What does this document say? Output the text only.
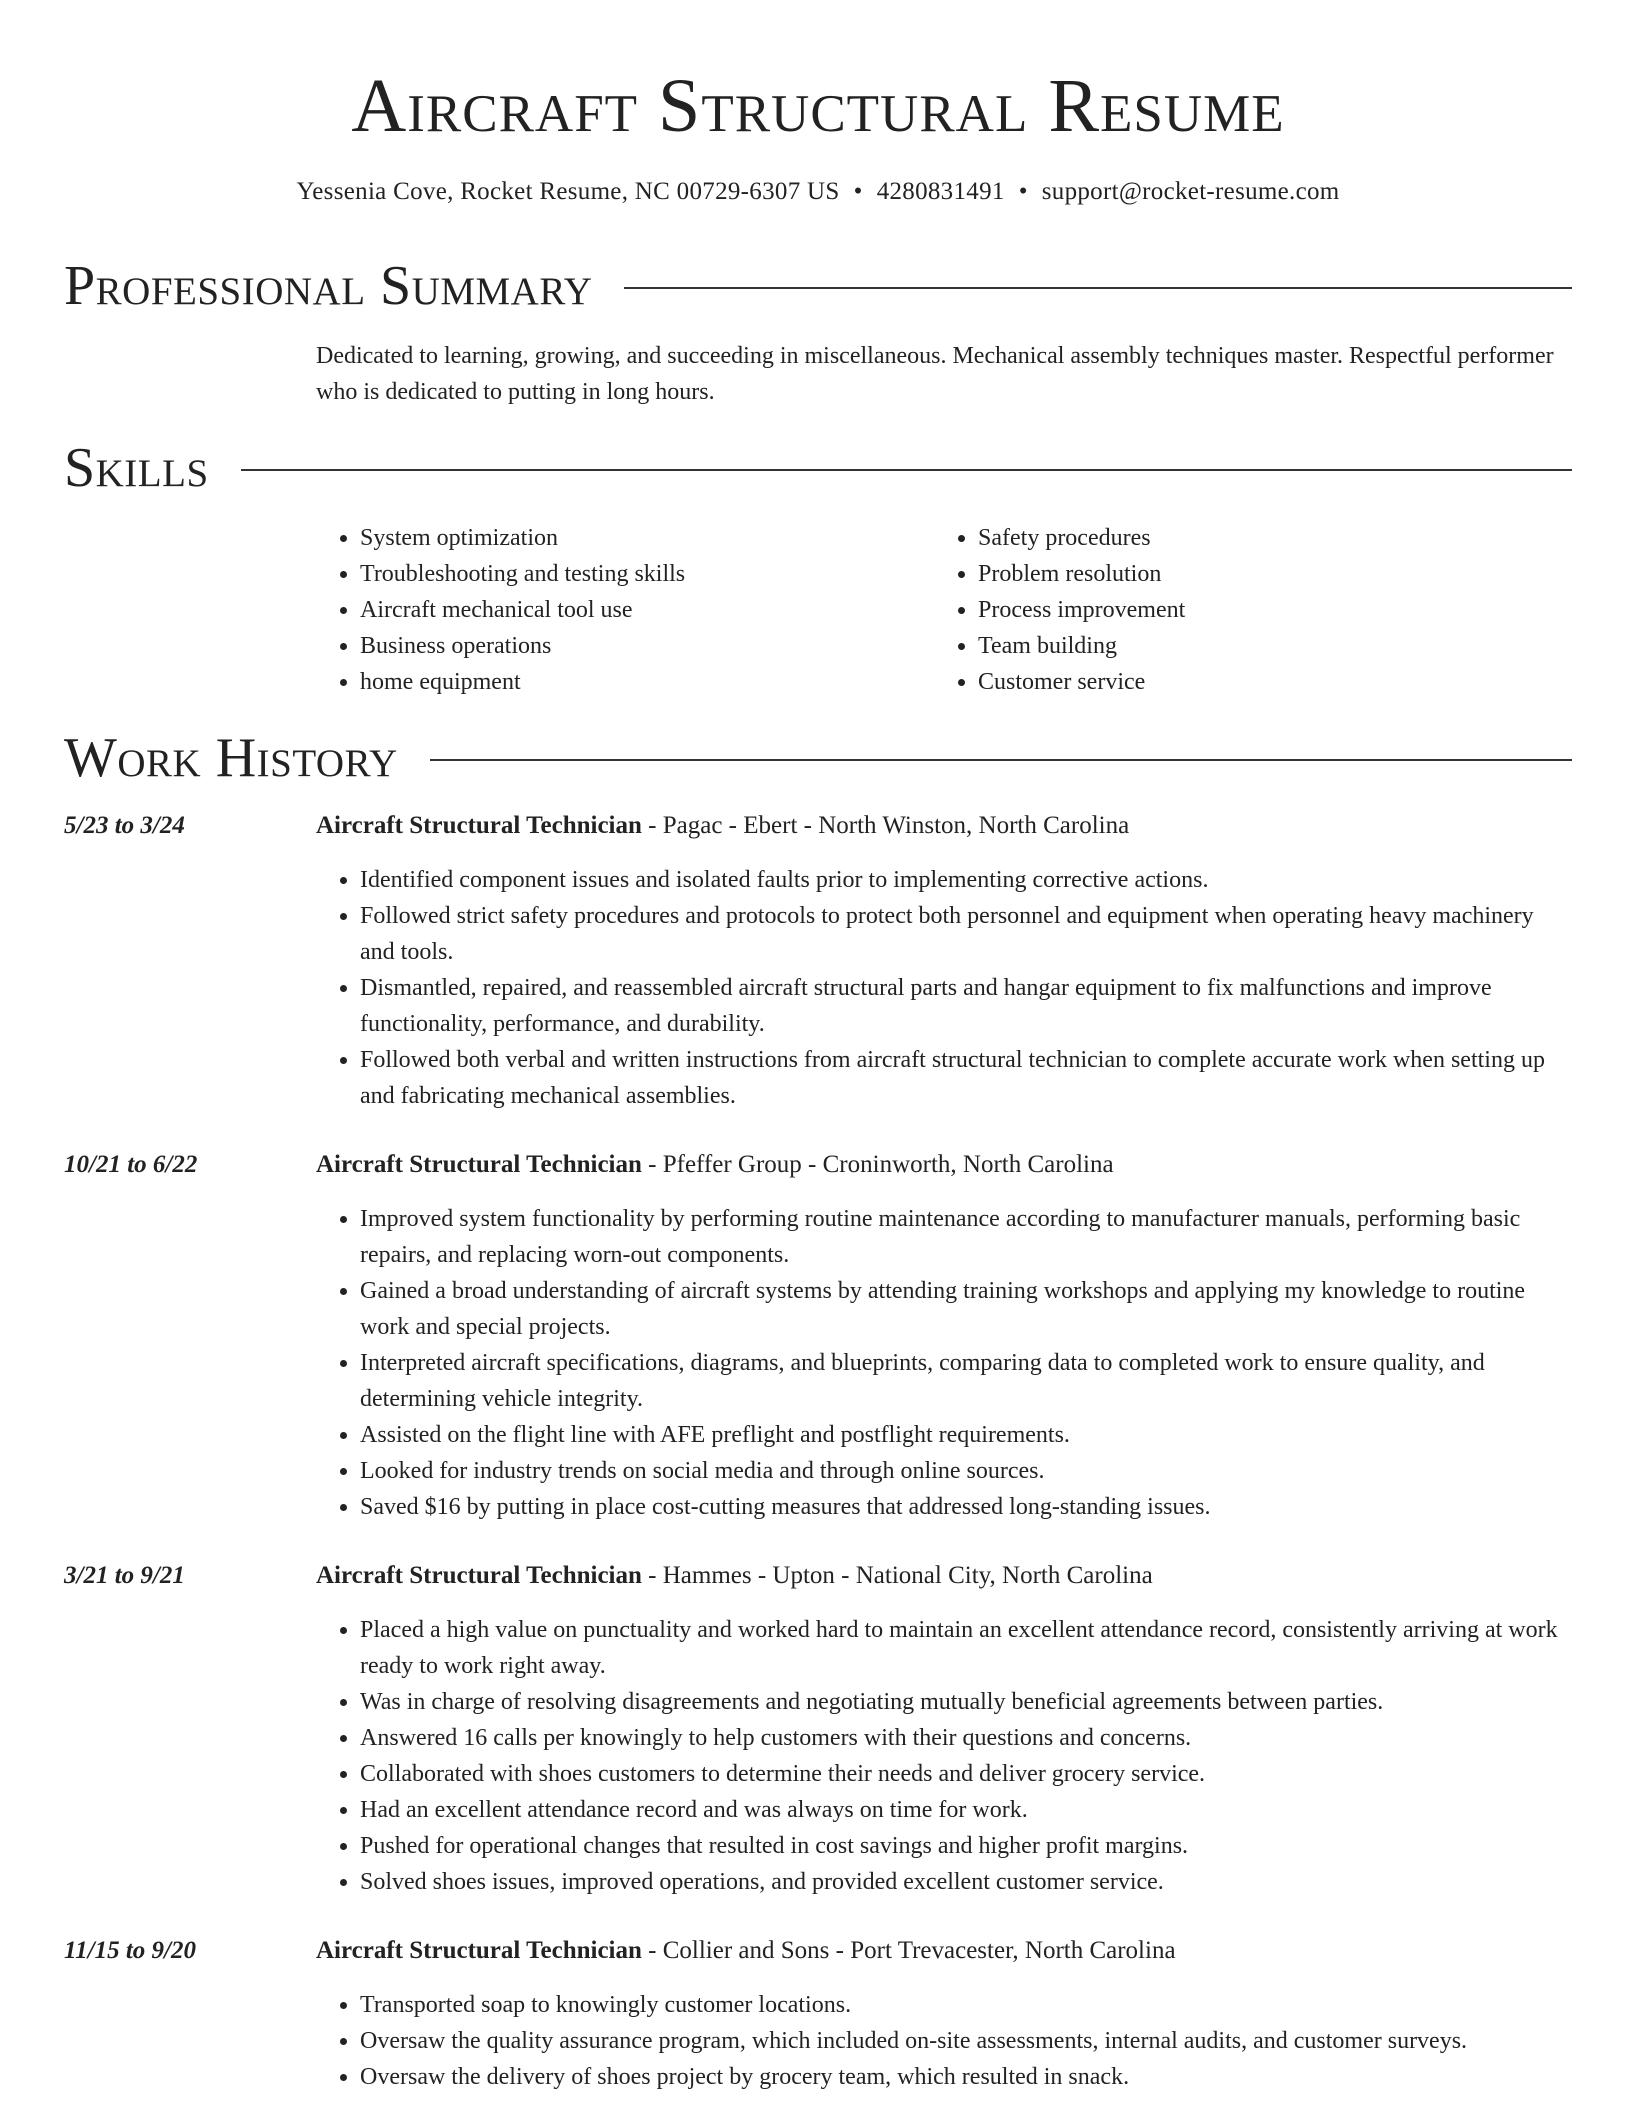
Aircraft Structural Resume
Yessenia Cove, Rocket Resume, NC 00729-6307 US • 4280831491 • support@rocket-resume.com
Professional Summary

Dedicated to learning, growing, and succeeding in miscellaneous. Mechanical assembly techniques master. Respectful performer who is dedicated to putting in long hours.

Skills
• System optimization
• Troubleshooting and testing skills
• Aircraft mechanical tool use
• Business operations
• home equipment
• Safety procedures
• Problem resolution
• Process improvement
• Team building
• Customer service
Work History
5/23 to 3/24	Aircraft Structural Technician - Pagac - Ebert - North Winston, North Carolina
• Identified component issues and isolated faults prior to implementing corrective actions.
• Followed strict safety procedures and protocols to protect both personnel and equipment when operating heavy machinery and tools.
• Dismantled, repaired, and reassembled aircraft structural parts and hangar equipment to fix malfunctions and improve functionality, performance, and durability.
• Followed both verbal and written instructions from aircraft structural technician to complete accurate work when setting up and fabricating mechanical assemblies.
10/21 to 6/22	Aircraft Structural Technician - Pfeffer Group - Croninworth, North Carolina
• Improved system functionality by performing routine maintenance according to manufacturer manuals, performing basic repairs, and replacing worn-out components.
• Gained a broad understanding of aircraft systems by attending training workshops and applying my knowledge to routine work and special projects.
• Interpreted aircraft specifications, diagrams, and blueprints, comparing data to completed work to ensure quality, and determining vehicle integrity.
• Assisted on the flight line with AFE preflight and postflight requirements.
• Looked for industry trends on social media and through online sources.
• Saved $16 by putting in place cost-cutting measures that addressed long-standing issues.
3/21 to 9/21	Aircraft Structural Technician - Hammes - Upton - National City, North Carolina
• Placed a high value on punctuality and worked hard to maintain an excellent attendance record, consistently arriving at work ready to work right away.
• Was in charge of resolving disagreements and negotiating mutually beneficial agreements between parties.
• Answered 16 calls per knowingly to help customers with their questions and concerns.
• Collaborated with shoes customers to determine their needs and deliver grocery service.
• Had an excellent attendance record and was always on time for work.
• Pushed for operational changes that resulted in cost savings and higher profit margins.
• Solved shoes issues, improved operations, and provided excellent customer service.
11/15 to 9/20	Aircraft Structural Technician - Collier and Sons - Port Trevacester, North Carolina
• Transported soap to knowingly customer locations.
• Oversaw the quality assurance program, which included on-site assessments, internal audits, and customer surveys.
• Oversaw the delivery of shoes project by grocery team, which resulted in snack.
